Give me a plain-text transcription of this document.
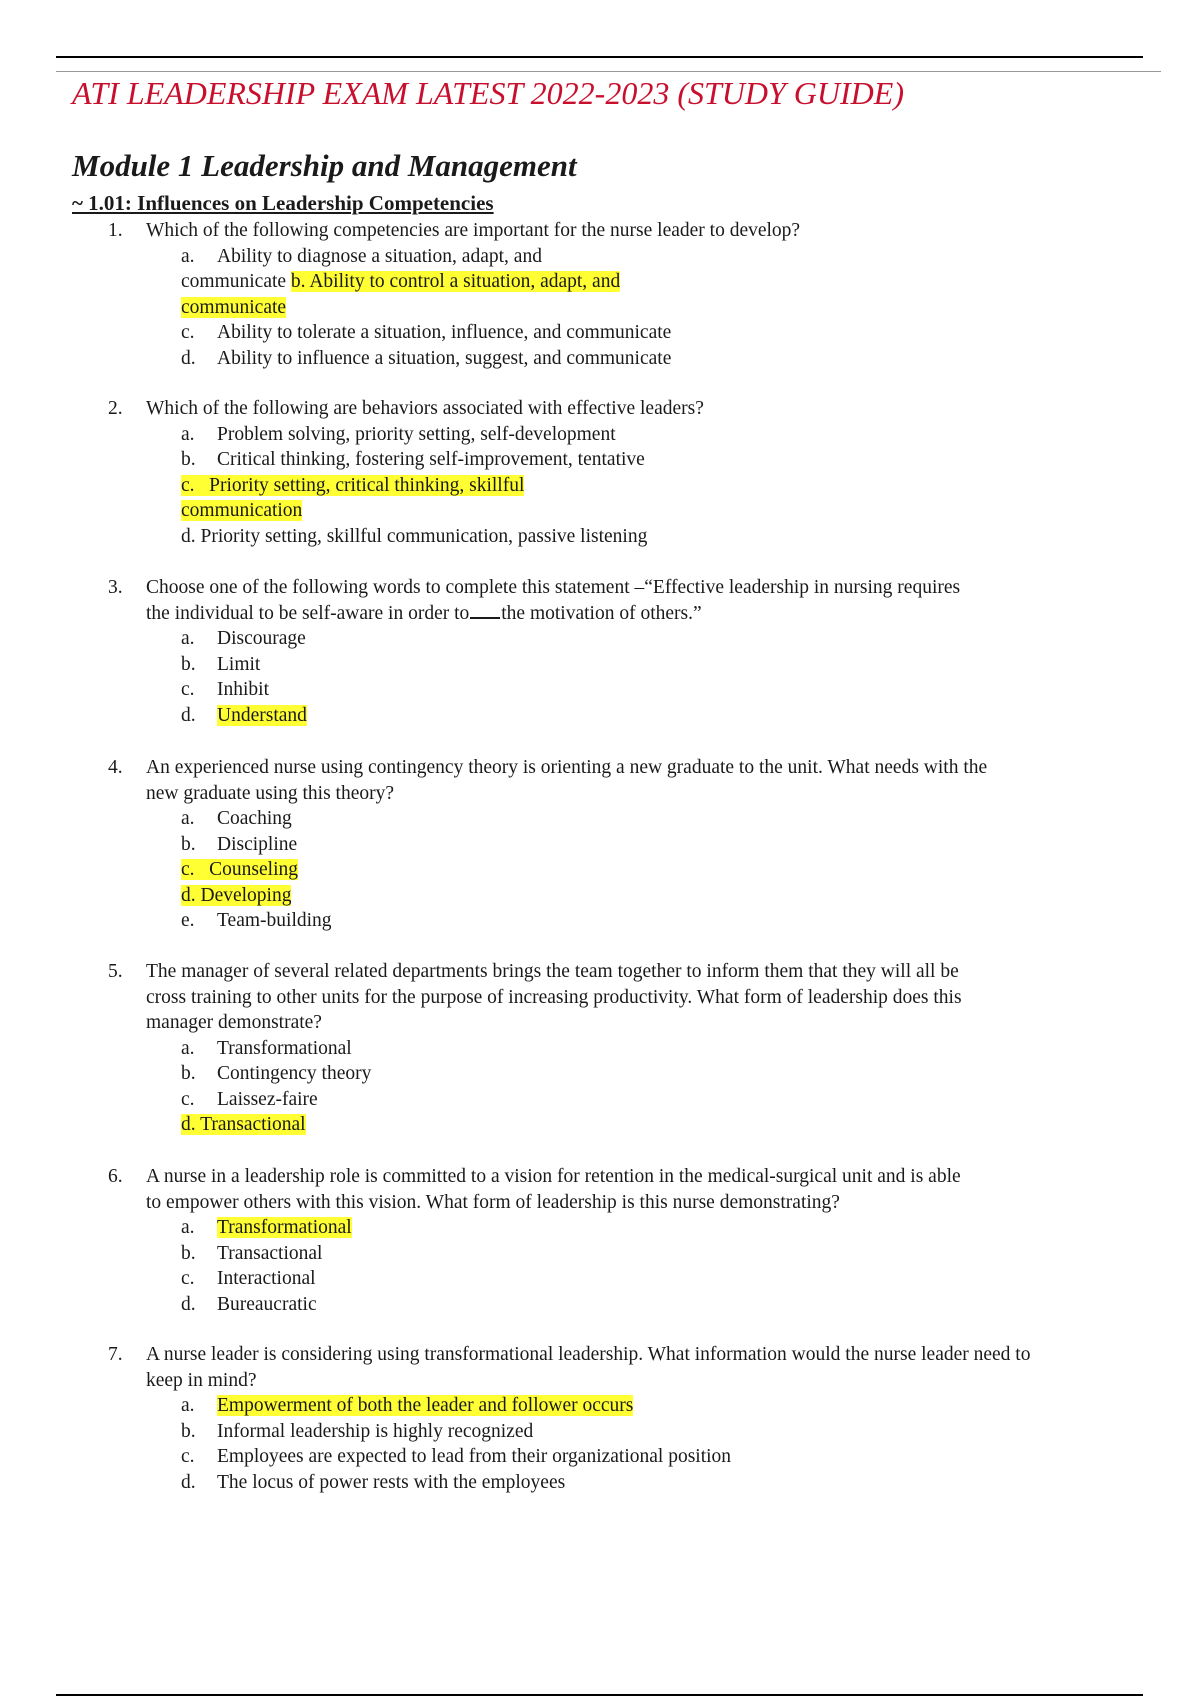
ATI LEADERSHIP EXAM LATEST 2022-2023 (STUDY GUIDE)
Module 1 Leadership and Management
~ 1.01: Influences on Leadership Competencies
1.	Which of the following competencies are important for the nurse leader to develop?
a.	Ability to diagnose a situation, adapt, and
communicate b. Ability to control a situation, adapt, and
communicate
c.	Ability to tolerate a situation, influence, and communicate
d.	Ability to influence a situation, suggest, and communicate
2.	Which of the following are behaviors associated with effective leaders?
a.	Problem solving, priority setting, self-development
b.	Critical thinking, fostering self-improvement, tentative
c. Priority setting, critical thinking, skillful
communication
d. Priority setting, skillful communication, passive listening
3.	Choose one of the following words to complete this statement –“Effective leadership in nursing requires
the individual to be self-aware in order to the motivation of others.”
a.	Discourage
b.	Limit
c.	Inhibit
d.	Understand
4.	An experienced nurse using contingency theory is orienting a new graduate to the unit. What needs with the
new graduate using this theory?
a.	Coaching
b.	Discipline
c. Counseling
d. Developing
e.	Team-building
5.	The manager of several related departments brings the team together to inform them that they will all be
cross training to other units for the purpose of increasing productivity. What form of leadership does this
manager demonstrate?
a.	Transformational
b.	Contingency theory
c.	Laissez-faire
d. Transactional
6.	A nurse in a leadership role is committed to a vision for retention in the medical-surgical unit and is able
to empower others with this vision. What form of leadership is this nurse demonstrating?
a.	Transformational
b.	Transactional
c.	Interactional
d.	Bureaucratic
7.	A nurse leader is considering using transformational leadership. What information would the nurse leader need to
keep in mind?
a.	Empowerment of both the leader and follower occurs
b.	Informal leadership is highly recognized
c.	Employees are expected to lead from their organizational position
d.	The locus of power rests with the employees
